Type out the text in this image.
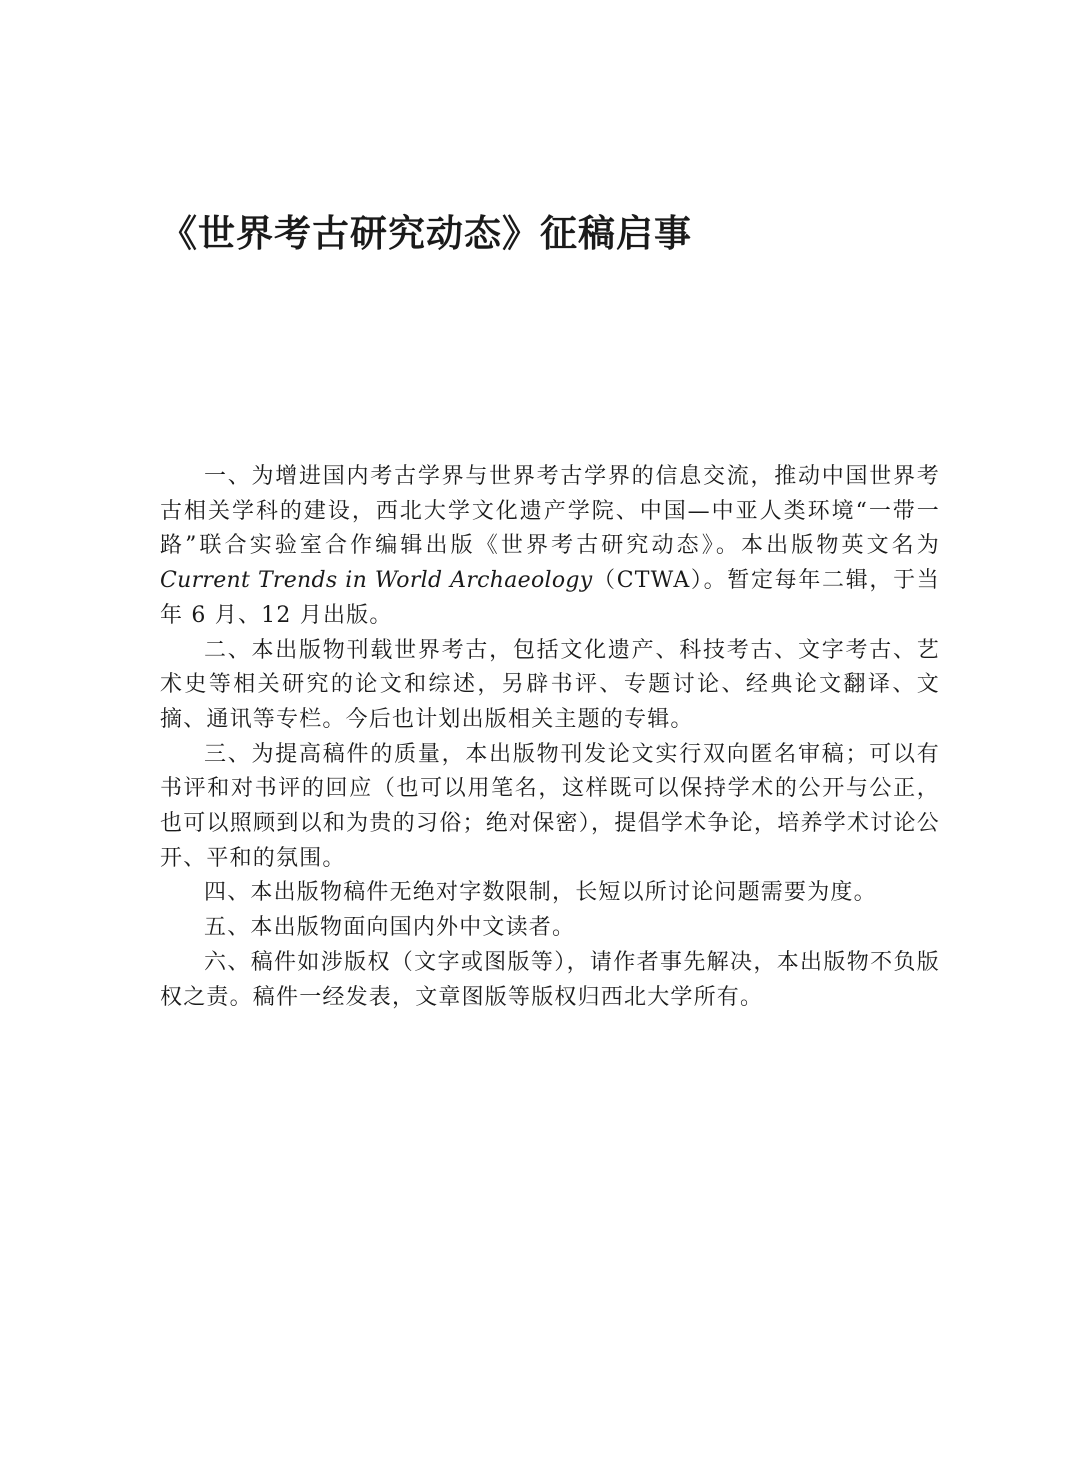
《世界考古研究动态》征稿启事

一、为增进国内考古学界与世界考古学界的信息交流，推动中国世界考古相关学科的建设，西北大学文化遗产学院、中国—中亚人类环境“一带一路”联合实验室合作编辑出版《世界考古研究动态》。本出版物英文名为 Current Trends in World Archaeology（CTWA）。暂定每年二辑，于当年 6 月、12 月出版。

二、本出版物刊载世界考古，包括文化遗产、科技考古、文字考古、艺术史等相关研究的论文和综述，另辟书评、专题讨论、经典论文翻译、文摘、通讯等专栏。今后也计划出版相关主题的专辑。

三、为提高稿件的质量，本出版物刊发论文实行双向匿名审稿；可以有书评和对书评的回应（也可以用笔名，这样既可以保持学术的公开与公正，也可以照顾到以和为贵的习俗；绝对保密），提倡学术争论，培养学术讨论公开、平和的氛围。

四、本出版物稿件无绝对字数限制，长短以所讨论问题需要为度。

五、本出版物面向国内外中文读者。

六、稿件如涉版权（文字或图版等），请作者事先解决，本出版物不负版权之责。稿件一经发表，文章图版等版权归西北大学所有。
